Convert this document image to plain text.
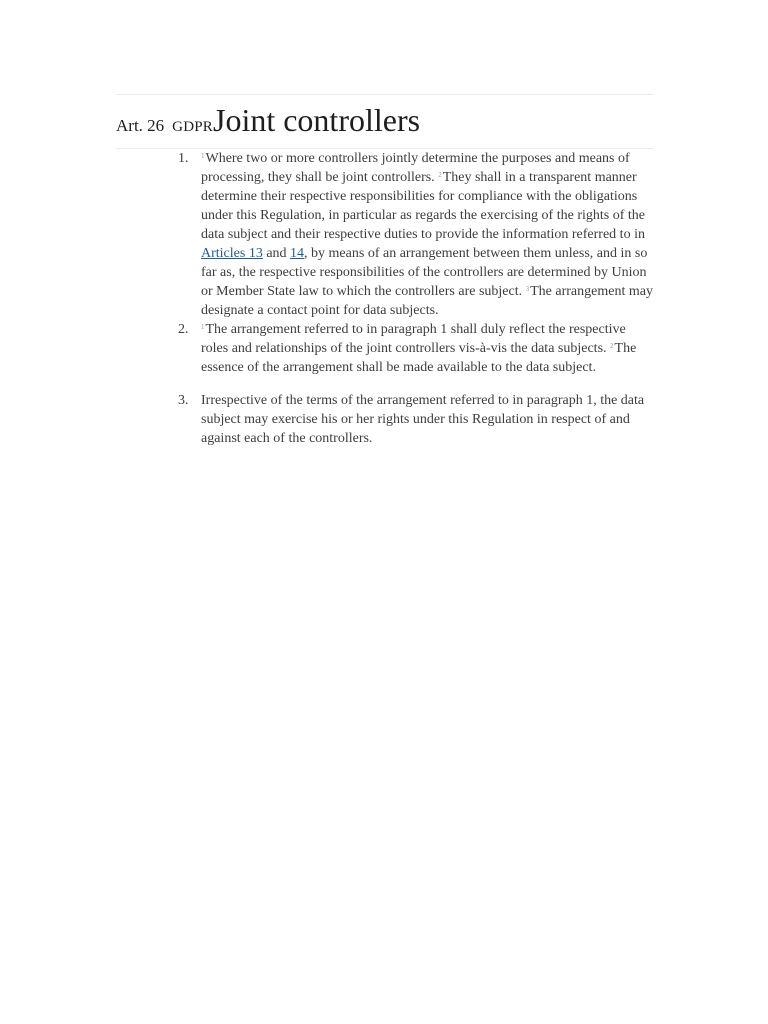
Art. 26 GDPRJoint controllers
1. $^1$Where two or more controllers jointly determine the purposes and means of processing, they shall be joint controllers. $^2$They shall in a transparent manner determine their respective responsibilities for compliance with the obligations under this Regulation, in particular as regards the exercising of the rights of the data subject and their respective duties to provide the information referred to in Articles 13 and 14, by means of an arrangement between them unless, and in so far as, the respective responsibilities of the controllers are determined by Union or Member State law to which the controllers are subject. $^3$The arrangement may designate a contact point for data subjects.
2. $^1$The arrangement referred to in paragraph 1 shall duly reflect the respective roles and relationships of the joint controllers vis-à-vis the data subjects. $^2$The essence of the arrangement shall be made available to the data subject.
3. Irrespective of the terms of the arrangement referred to in paragraph 1, the data subject may exercise his or her rights under this Regulation in respect of and against each of the controllers.
